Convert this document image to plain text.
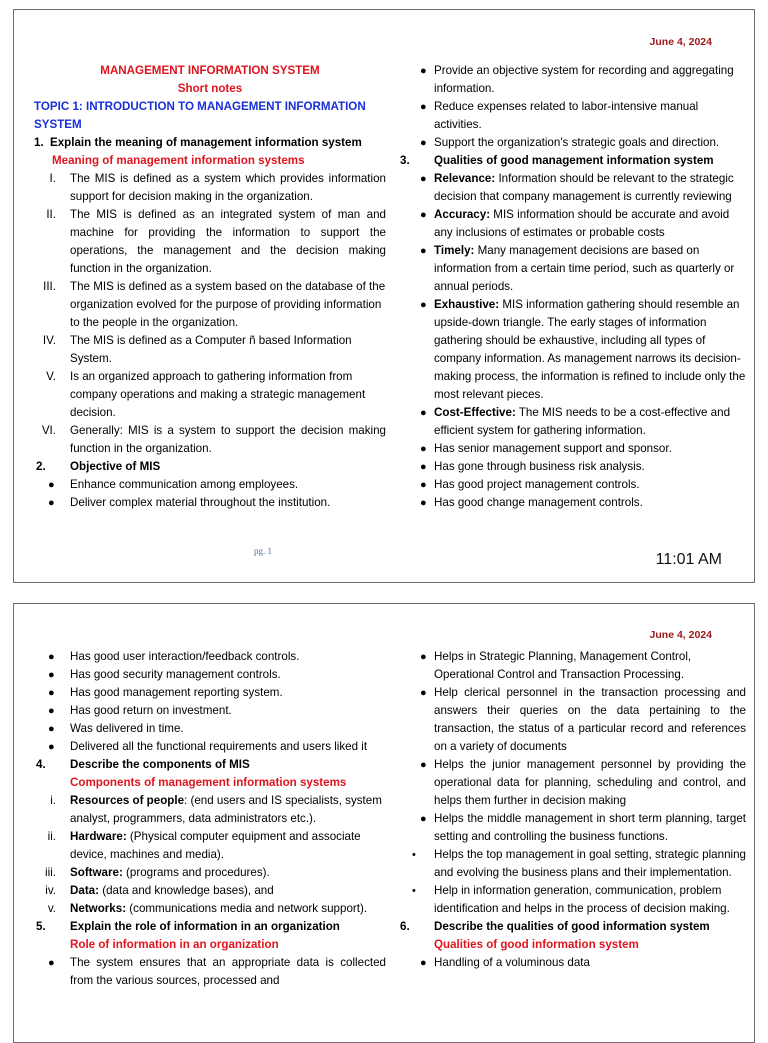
June 4, 2024
MANAGEMENT INFORMATION SYSTEM
Short notes
TOPIC 1: INTRODUCTION TO MANAGEMENT INFORMATION SYSTEM
1. Explain the meaning of management information system
Meaning of management information systems
I. The MIS is defined as a system which provides information support for decision making in the organization.
II. The MIS is defined as an integrated system of man and machine for providing the information to support the operations, the management and the decision making function in the organization.
III. The MIS is defined as a system based on the database of the organization evolved for the purpose of providing information to the people in the organization.
IV. The MIS is defined as a Computer ñ based Information System.
V. Is an organized approach to gathering information from company operations and making a strategic management decision.
VI. Generally: MIS is a system to support the decision making function in the organization.
2. Objective of MIS
● Enhance communication among employees.
● Deliver complex material throughout the institution.
● Provide an objective system for recording and aggregating information.
● Reduce expenses related to labor-intensive manual activities.
● Support the organization's strategic goals and direction.
3. Qualities of good management information system
● Relevance: Information should be relevant to the strategic decision that company management is currently reviewing
● Accuracy: MIS information should be accurate and avoid any inclusions of estimates or probable costs
● Timely: Many management decisions are based on information from a certain time period, such as quarterly or annual periods.
● Exhaustive: MIS information gathering should resemble an upside-down triangle. The early stages of information gathering should be exhaustive, including all types of company information. As management narrows its decision-making process, the information is refined to include only the most relevant pieces.
● Cost-Effective: The MIS needs to be a cost-effective and efficient system for gathering information.
● Has senior management support and sponsor.
● Has gone through business risk analysis.
● Has good project management controls.
● Has good change management controls.
pg. 1	11:01 AM
June 4, 2024
● Has good user interaction/feedback controls.
● Has good security management controls.
● Has good management reporting system.
● Has good return on investment.
● Was delivered in time.
● Delivered all the functional requirements and users liked it
4. Describe the components of MIS
Components of management information systems
i. Resources of people: (end users and IS specialists, system analyst, programmers, data administrators etc.).
ii. Hardware: (Physical computer equipment and associate device, machines and media).
iii. Software: (programs and procedures).
iv. Data: (data and knowledge bases), and
v. Networks: (communications media and network support).
5. Explain the role of information in an organization
Role of information in an organization
● The system ensures that an appropriate data is collected from the various sources, processed and
● Helps in Strategic Planning, Management Control, Operational Control and Transaction Processing.
● Help clerical personnel in the transaction processing and answers their queries on the data pertaining to the transaction, the status of a particular record and references on a variety of documents
● Helps the junior management personnel by providing the operational data for planning, scheduling and control, and helps them further in decision making
● Helps the middle management in short term planning, target setting and controlling the business functions.
• Helps the top management in goal setting, strategic planning and evolving the business plans and their implementation.
• Help in information generation, communication, problem identification and helps in the process of decision making.
6. Describe the qualities of good information system
Qualities of good information system
● Handling of a voluminous data
